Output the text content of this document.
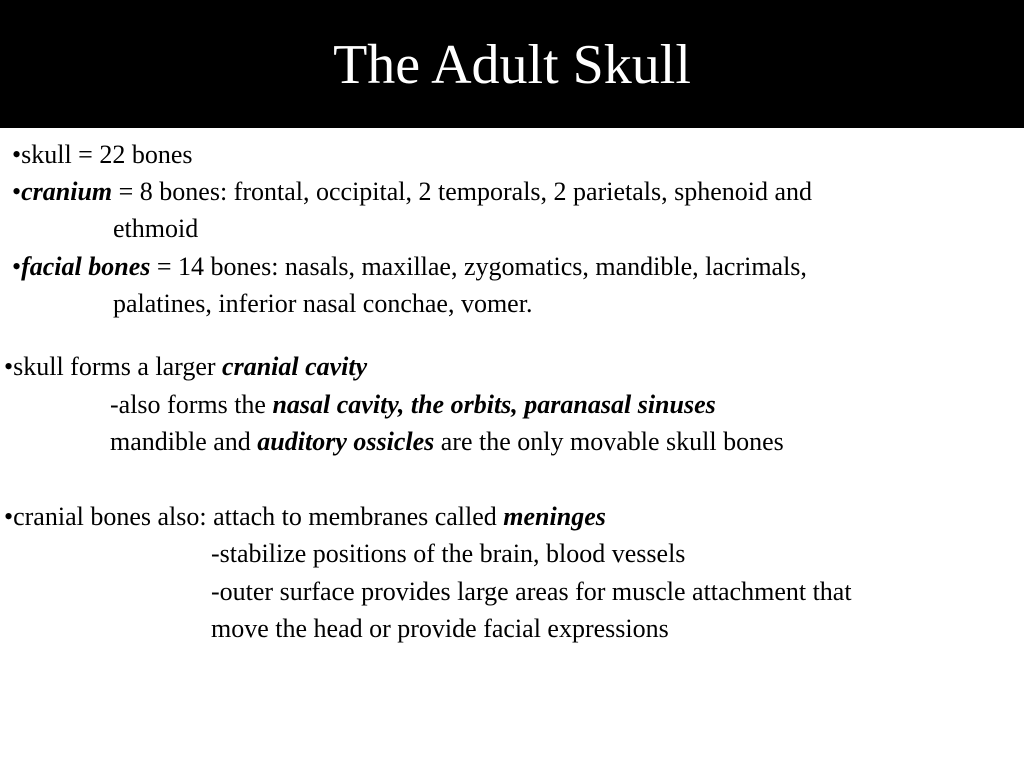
The Adult Skull
•skull = 22 bones
•cranium = 8 bones: frontal, occipital, 2 temporals, 2 parietals, sphenoid and
ethmoid
•facial bones = 14 bones: nasals, maxillae, zygomatics, mandible, lacrimals,
palatines, inferior nasal conchae, vomer.
•skull forms a larger cranial cavity
-also forms the nasal cavity, the orbits, paranasal sinuses
mandible and auditory ossicles are the only movable skull bones
•cranial bones also: attach to membranes called meninges
-stabilize positions of the brain, blood vessels
-outer surface provides large areas for muscle attachment that
move the head or provide facial expressions
